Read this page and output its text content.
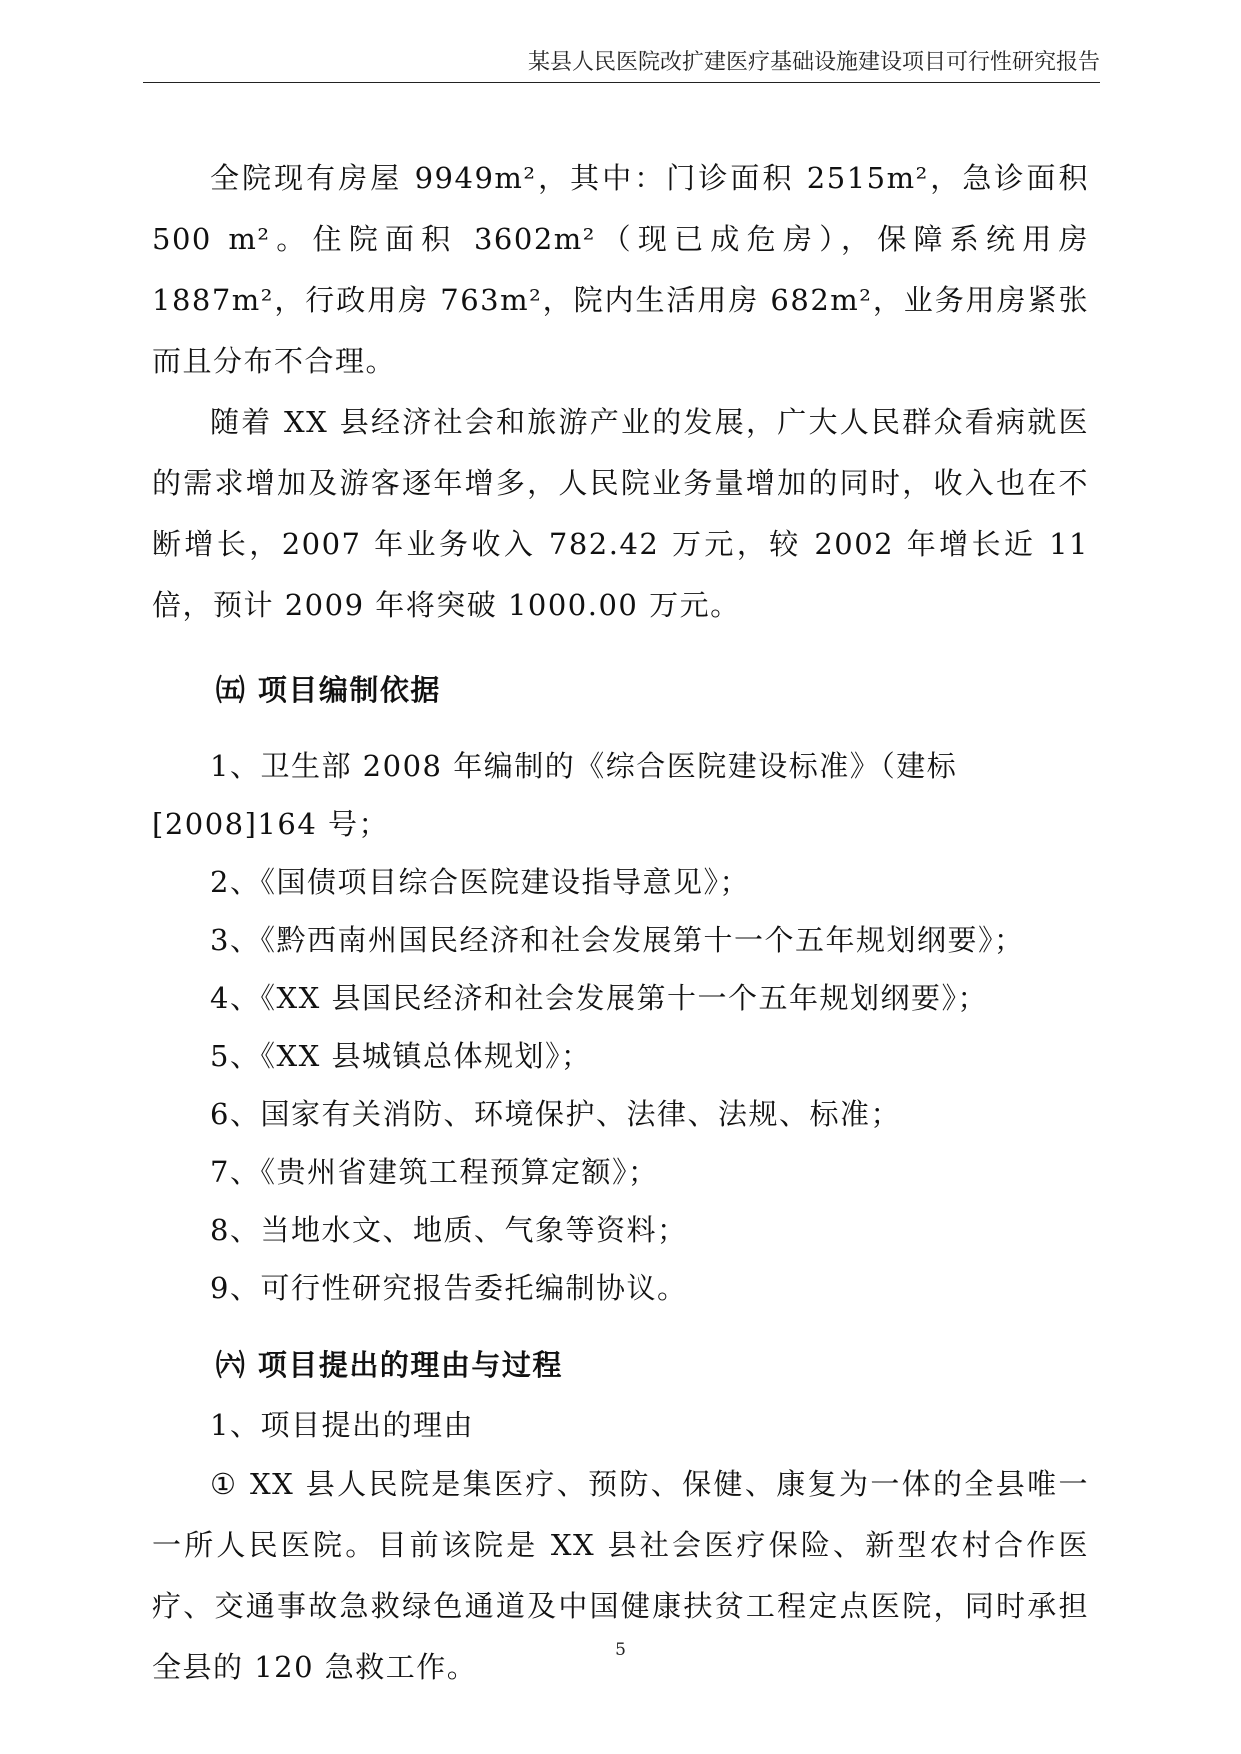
某县人民医院改扩建医疗基础设施建设项目可行性研究报告

全院现有房屋 9949m²，其中：门诊面积 2515m²，急诊面积 500 m²。住院面积 3602m²（现已成危房），保障系统用房 1887m²，行政用房 763m²，院内生活用房 682m²，业务用房紧张而且分布不合理。

随着 XX 县经济社会和旅游产业的发展，广大人民群众看病就医的需求增加及游客逐年增多，人民院业务量增加的同时，收入也在不断增长，2007 年业务收入 782.42 万元，较 2002 年增长近 11 倍，预计 2009 年将突破 1000.00 万元。

㈤ 项目编制依据

1、卫生部 2008 年编制的《综合医院建设标准》（建标[2008]164 号；

2、《国债项目综合医院建设指导意见》；

3、《黔西南州国民经济和社会发展第十一个五年规划纲要》；

4、《XX 县国民经济和社会发展第十一个五年规划纲要》；

5、《XX 县城镇总体规划》；

6、国家有关消防、环境保护、法律、法规、标准；

7、《贵州省建筑工程预算定额》；

8、当地水文、地质、气象等资料；

9、可行性研究报告委托编制协议。

㈥ 项目提出的理由与过程

1、项目提出的理由

① XX 县人民院是集医疗、预防、保健、康复为一体的全县唯一一所人民医院。目前该院是 XX 县社会医疗保险、新型农村合作医疗、交通事故急救绿色通道及中国健康扶贫工程定点医院，同时承担全县的 120 急救工作。	5
